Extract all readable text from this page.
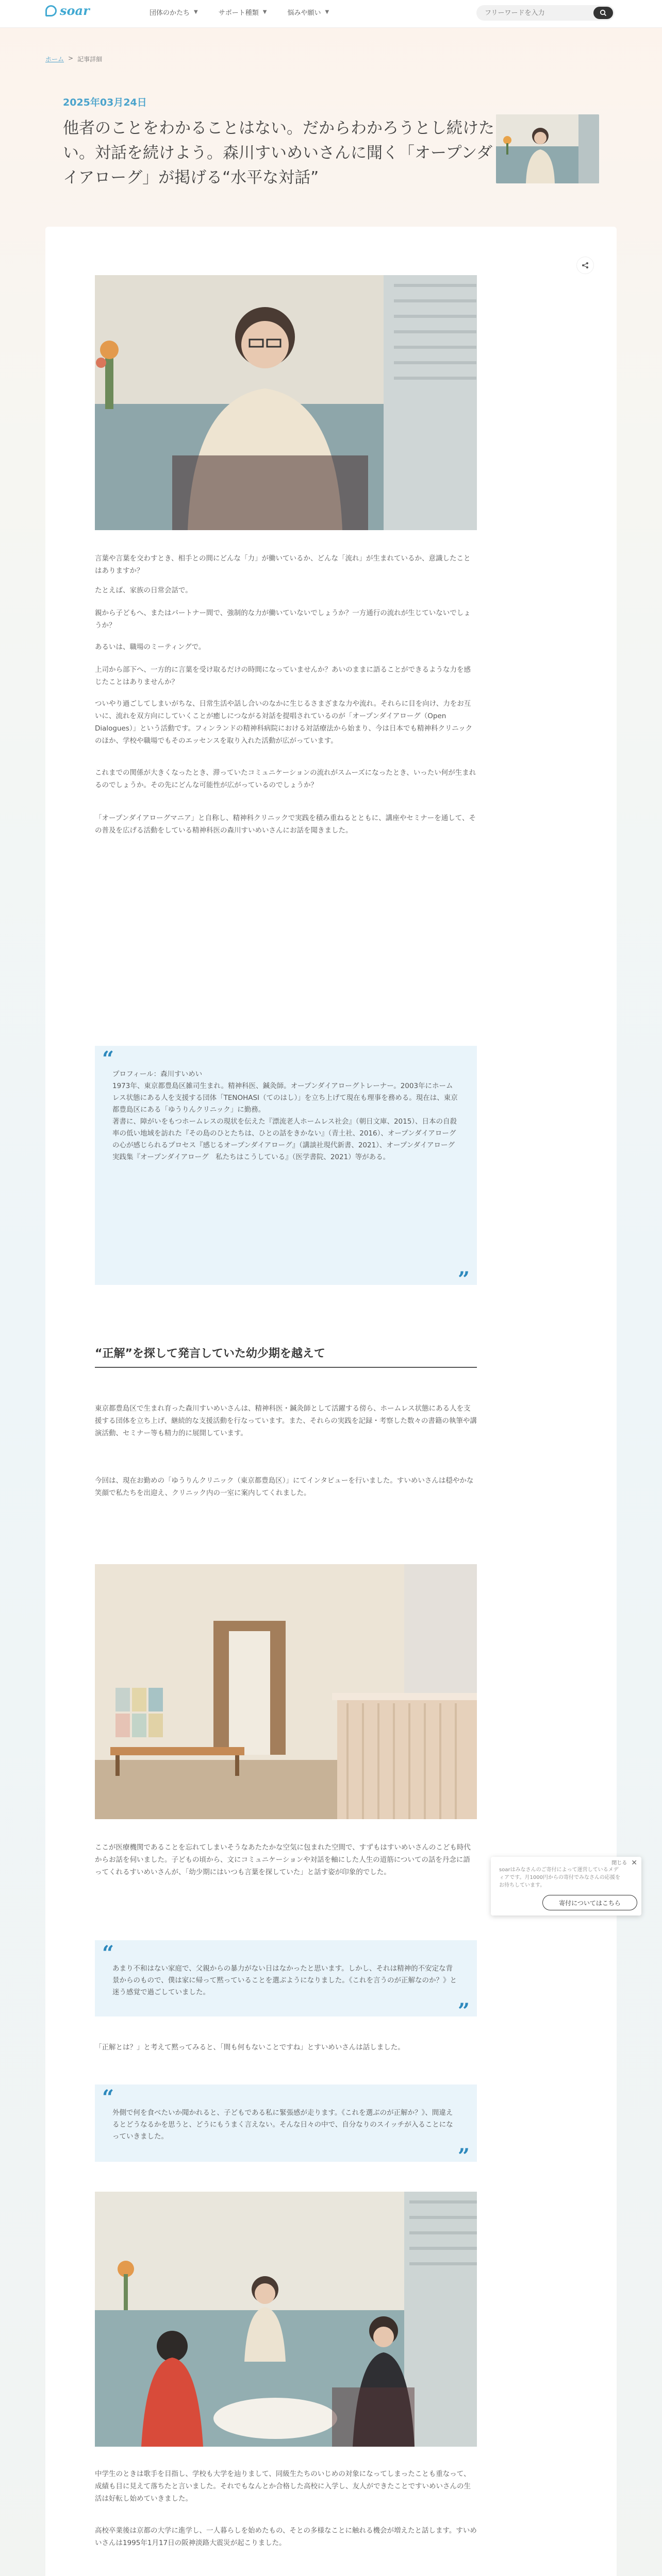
soar	団体のかたち ▼	サポート種類 ▼	悩みや願い ▼
フリーワードを入力
ホーム > 記事詳細
2025年03月24日
他者のことをわかることはない。だからわかろうとし続けたい。対話を続けよう。森川すいめいさんに聞く「オープンダイアローグ」が掲げる“水平な対話”

言葉や言葉を交わすとき、相手との間にどんな「力」が働いているか、どんな「流れ」が生まれているか、意識したことはありますか？

たとえば、家族の日常会話で。

親から子どもへ、またはパートナー間で、強制的な力が働いていないでしょうか？一方通行の流れが生じていないでしょうか？

あるいは、職場のミーティングで。

上司から部下へ、一方的に言葉を受け取るだけの時間になっていませんか？あいのままに語ることができるような力を感じたことはありませんか？

ついやり過ごしてしまいがちな、日常生活や話し合いのなかに生じるさまざまな力や流れ。それらに目を向け、力をお互いに、流れを双方向にしていくことが癒しにつながる対話を提唱されているのが「オープンダイアローグ（Open Dialogues）」という活動です。フィンランドの精神科病院における対話療法から始まり、今は日本でも精神科クリニックのほか、学校や職場でもそのエッセンスを取り入れた活動が広がっています。

これまでの関係が大きくなったとき、滞っていたコミュニケーションの流れがスムーズになったとき、いったい何が生まれるのでしょうか。その先にどんな可能性が広がっているのでしょうか？

「オープンダイアローグマニア」と自称し、精神科クリニックで実践を積み重ねるとともに、講座やセミナーを通して、その普及を広げる活動をしている精神科医の森川すいめいさんにお話を聞きました。

“
プロフィール：森川すいめい
1973年、東京都豊島区雑司生まれ。精神科医、鍼灸師。オープンダイアローグトレーナー。2003年にホームレス状態にある人を支援する団体「TENOHASI（てのはし）」を立ち上げて現在も理事を務める。現在は、東京都豊島区にある「ゆうりんクリニック」に勤務。
著書に、障がいをもつホームレスの現状を伝えた『漂流老人ホームレス社会』（朝日文庫、2015）、日本の自殺率の低い地域を訪れた『その島のひとたちは、ひとの話をきかない』（青土社、2016）、オープンダイアローグの心が感じられるプロセス『感じるオープンダイアローグ』（講談社現代新書、2021）、オープンダイアローグ実践集『オープンダイアローグ　私たちはこうしている』（医学書院、2021）等がある。
”
“正解”を探して発言していた幼少期を越えて

東京都豊島区で生まれ育った森川すいめいさんは、精神科医・鍼灸師として活躍する傍ら、ホームレス状態にある人を支援する団体を立ち上げ、継続的な支援活動を行なっています。また、それらの実践を記録・考察した数々の書籍の執筆や講演活動、セミナー等も精力的に展開しています。

今回は、現在お勤めの「ゆうりんクリニック（東京都豊島区）」にてインタビューを行いました。すいめいさんは穏やかな笑顔で私たちを出迎え、クリニック内の一室に案内してくれました。

ここが医療機関であることを忘れてしまいそうなあたたかな空気に包まれた空間で、すずもはすいめいさんのこども時代からお話を伺いました。子どもの頃から、文にコミュニケーションや対話を軸にした人生の道筋についての話を丹念に語ってくれるすいめいさんが、「幼少期にはいつも言葉を探していた」と話す姿が印象的でした。

“
あまり不和はない家庭で、父親からの暴力がない日はなかったと思います。しかし、それは精神的不安定な背景からのもので、僕は家に帰って黙っていることを選ぶようになりました。《これを言うのが正解なのか？》と迷う感覚で過ごしていました。
”

「正解とは？」と考えて黙ってみると、「間も何もないことですね」とすいめいさんは話しました。

“
外側で何を食べたいか聞かれると、子どもである私に緊張感が走ります。《これを選ぶのが正解か？》、間違えるとどうなるかを思うと、どうにもうまく言えない。そんな日々の中で、自分なりのスイッチが入ることになっていきました。
”

中学生のときは歌手を目指し、学校も大学を辿りまして、同級生たちのいじめの対象になってしまったことも重なって、成績も目に見えて落ちたと言いました。それでもなんとか合格した高校に入学し、友人ができたことですいめいさんの生活は好転し始めていきました。

高校卒業後は京都の大学に進学し、一人暮らしを始めたもの、そとの多様なことに触れる機会が増えたと話します。すいめいさんは1995年1月17日の阪神淡路大震災が起こりました。

閉じる ✕

soarはみなさんのご寄付によって運営しているメディアです。月1000円からの寄付でみなさんの応援をお待ちしています。

寄付についてはこちら
